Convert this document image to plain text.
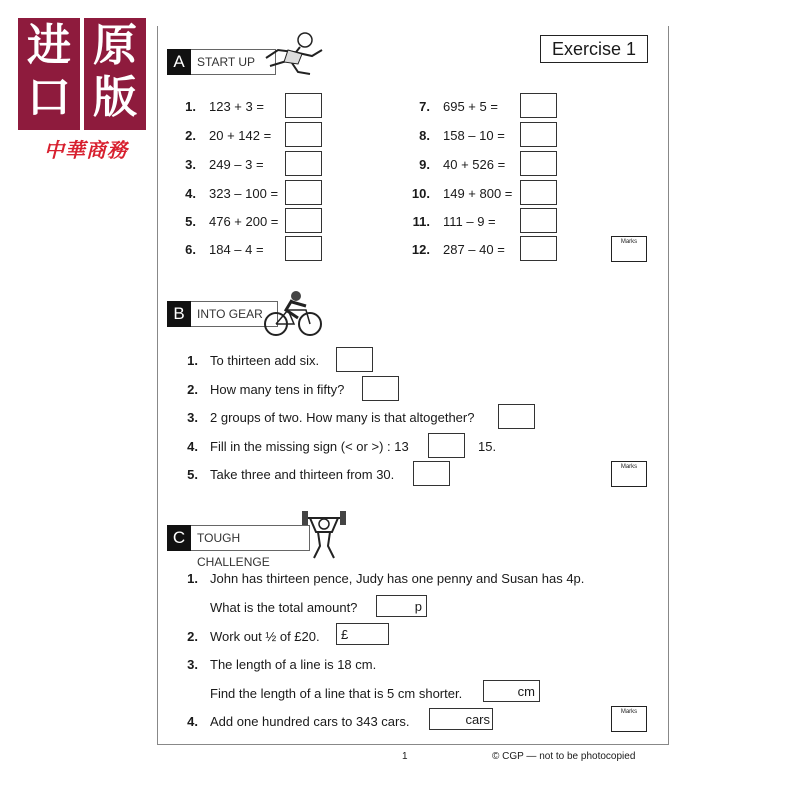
进 原
口 版
中華商務
Exercise 1
A	START UP
1. 123 + 3 =
2. 20 + 142 =
3. 249 – 3 =
4. 323 – 100 =
5. 476 + 200 =
6. 184 – 4 =
7. 695 + 5 =
8. 158 – 10 =
9. 40 + 526 =
10. 149 + 800 =
11. 111 – 9 =
12. 287 – 40 =	Marks
B	INTO GEAR
1. To thirteen add six.
2. How many tens in fifty?
3. 2 groups of two. How many is that altogether?
4. Fill in the missing sign (< or >) : 13	15.
5. Take three and thirteen from 30.	Marks
C TOUGH CHALLENGE
1. John has thirteen pence, Judy has one penny and Susan has 4p.
What is the total amount?	p
2. Work out ½ of £20.	£
3. The length of a line is 18 cm.
Find the length of a line that is 5 cm shorter.	cm
4. Add one hundred cars to 343 cars.	cars	Marks
1	© CGP — not to be photocopied
